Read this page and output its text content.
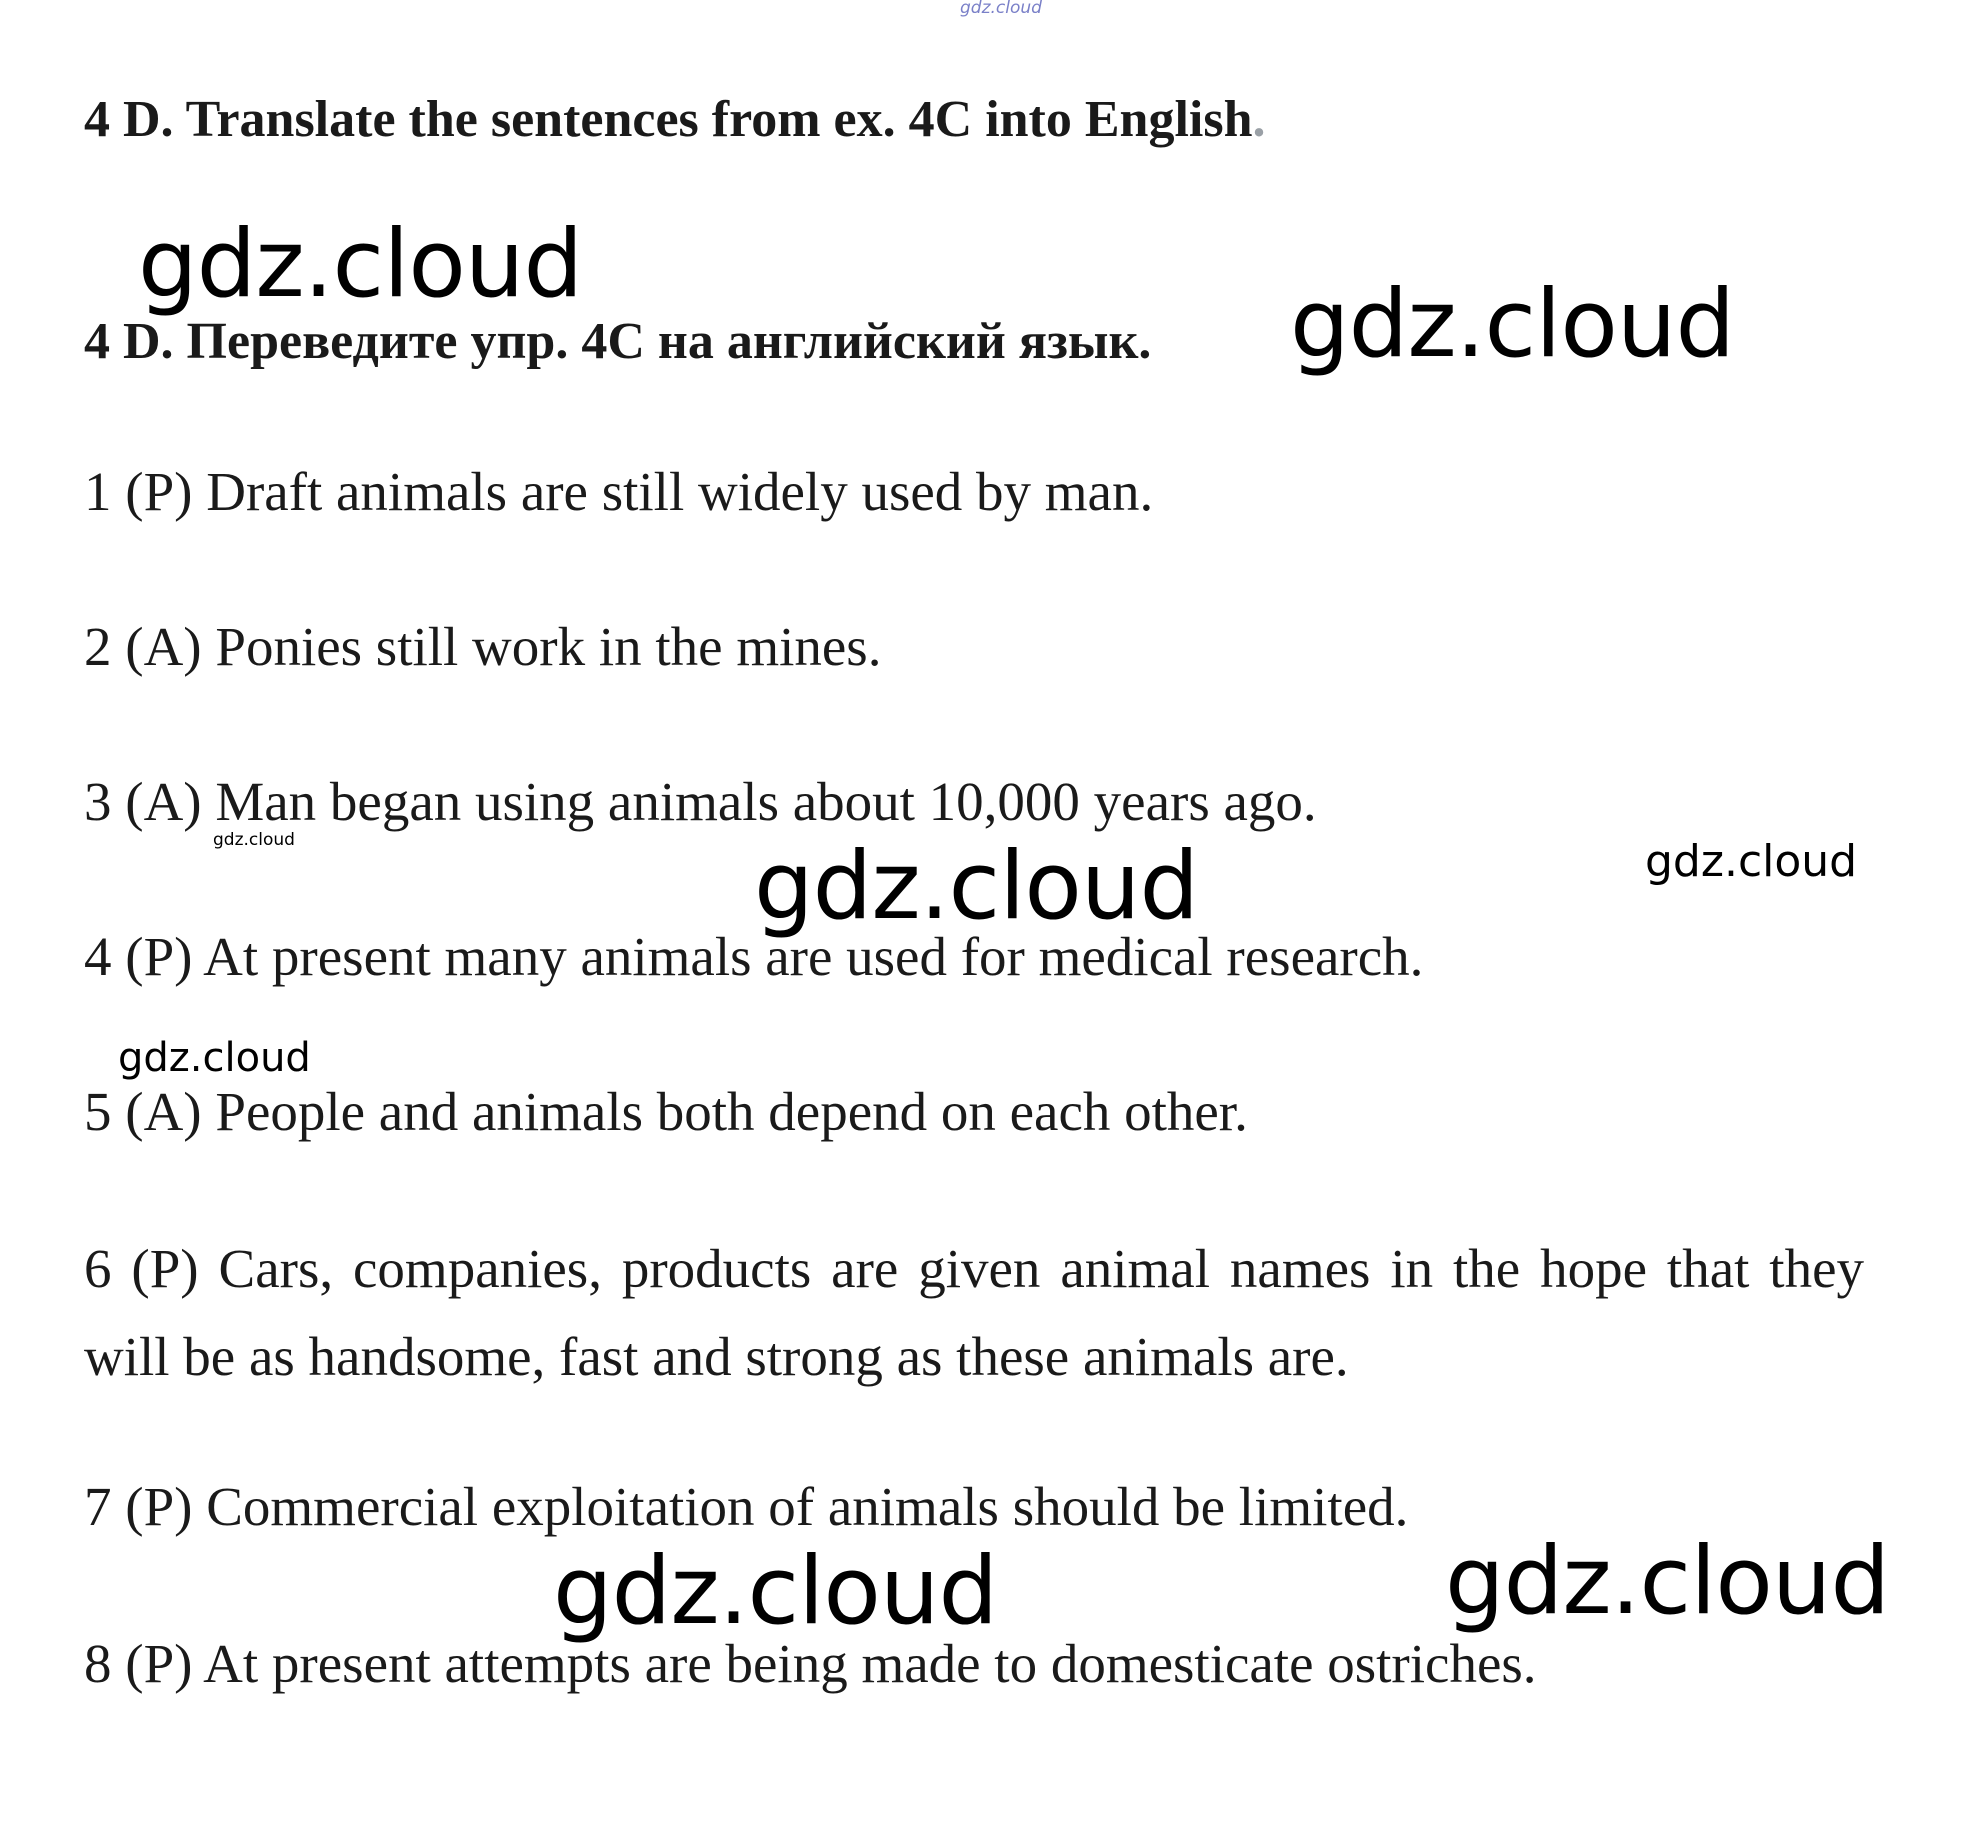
gdz.cloud
4 D. Translate the sentences from ex. 4C into English.
gdz.cloud
4 D. Переведите упр. 4C на английский язык. gdz.cloud
1 (P) Draft animals are still widely used by man.
2 (A) Ponies still work in the mines.
3 (A) Man began using animals about 10,000 years ago.
gdz.cloud	gdz.cloud
gdz.cloud
4 (P) At present many animals are used for medical research.
gdz.cloud
5 (A) People and animals both depend on each other.
6 (P) Cars, companies, products are given animal names in the hope that they will be as handsome, fast and strong as these animals are.
7 (P) Commercial exploitation of animals should be limited.
gdz.cloud	gdz.cloud
8 (P) At present attempts are being made to domesticate ostriches.
